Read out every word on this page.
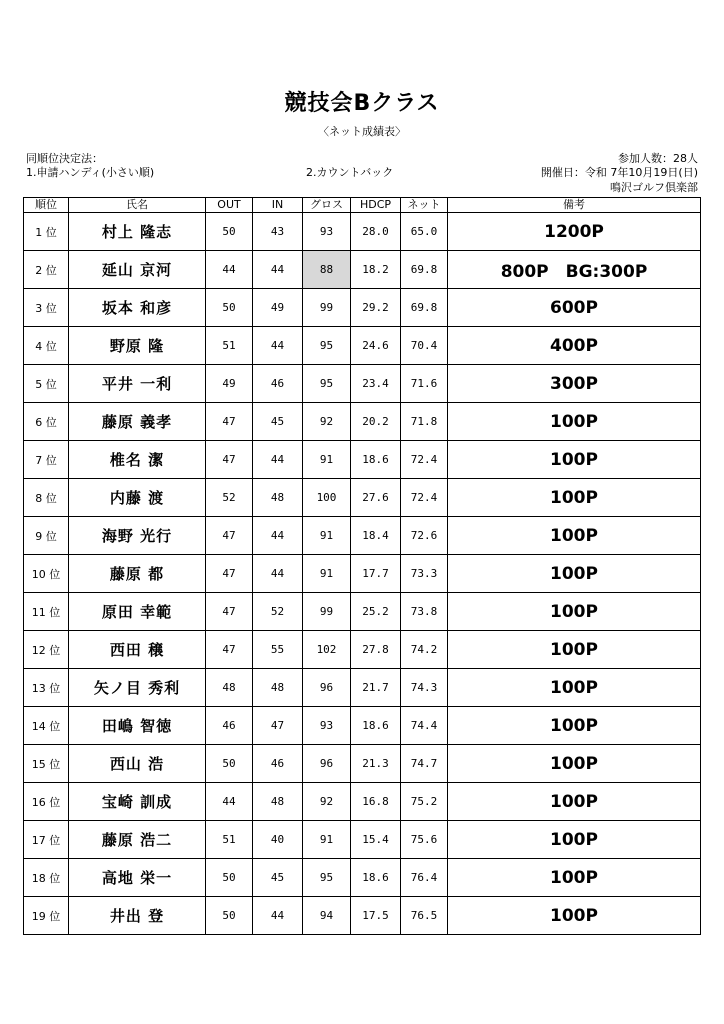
競技会Bクラス
〈ネット成績表〉
同順位決定法：
1.申請ハンディ(小さい順)	2.カウントバック
参加人数：28人
開催日：令和 7年10月19日(日)
鳴沢ゴルフ倶楽部
順位	氏名	OUT	IN	グロス	HDCP	ネット	備考
1 位	村上 隆志	50	43	93	28.0	65.0	1200P
2 位	延山 京河	44	44	88	18.2	69.8	800P　BG:300P
3 位	坂本 和彦	50	49	99	29.2	69.8	600P
4 位	野原 隆	51	44	95	24.6	70.4	400P
5 位	平井 一利	49	46	95	23.4	71.6	300P
6 位	藤原 義孝	47	45	92	20.2	71.8	100P
7 位	椎名 潔	47	44	91	18.6	72.4	100P
8 位	内藤 渡	52	48	100	27.6	72.4	100P
9 位	海野 光行	47	44	91	18.4	72.6	100P
10 位	藤原 都	47	44	91	17.7	73.3	100P
11 位	原田 幸範	47	52	99	25.2	73.8	100P
12 位	西田 穣	47	55	102	27.8	74.2	100P
13 位	矢ノ目 秀利	48	48	96	21.7	74.3	100P
14 位	田嶋 智徳	46	47	93	18.6	74.4	100P
15 位	西山 浩	50	46	96	21.3	74.7	100P
16 位	宝崎 訓成	44	48	92	16.8	75.2	100P
17 位	藤原 浩二	51	40	91	15.4	75.6	100P
18 位	高地 栄一	50	45	95	18.6	76.4	100P
19 位	井出 登	50	44	94	17.5	76.5	100P
